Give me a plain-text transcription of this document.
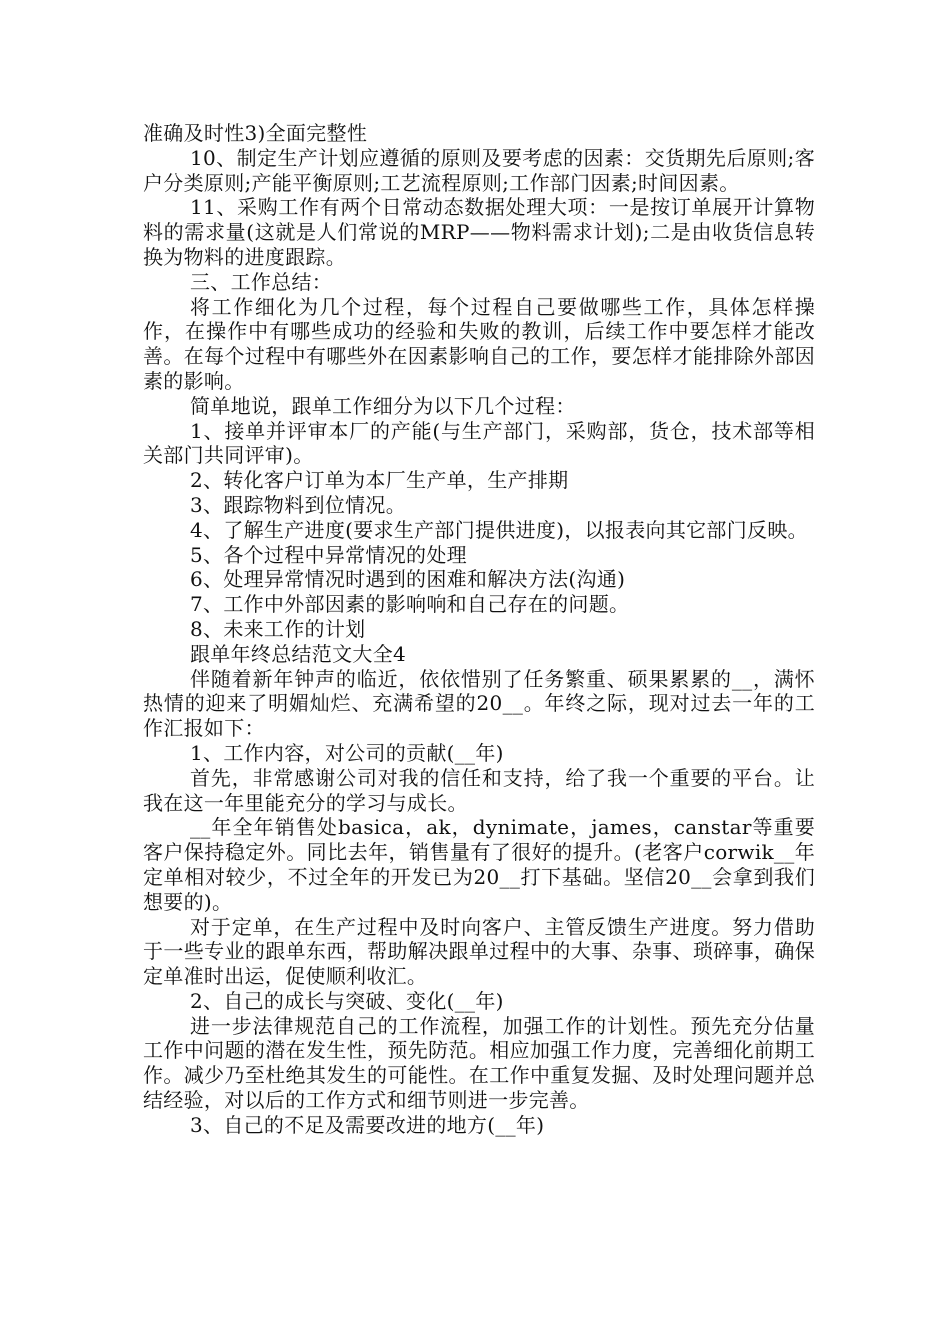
准确及时性3)全面完整性

10、制定生产计划应遵循的原则及要考虑的因素：交货期先后原则;客户分类原则;产能平衡原则;工艺流程原则;工作部门因素;时间因素。

11、采购工作有两个日常动态数据处理大项：一是按订单展开计算物料的需求量(这就是人们常说的MRP——物料需求计划);二是由收货信息转换为物料的进度跟踪。

三、工作总结：

将工作细化为几个过程，每个过程自己要做哪些工作，具体怎样操作，在操作中有哪些成功的经验和失败的教训，后续工作中要怎样才能改善。在每个过程中有哪些外在因素影响自己的工作，要怎样才能排除外部因素的影响。

简单地说，跟单工作细分为以下几个过程：

1、接单并评审本厂的产能(与生产部门，采购部，货仓，技术部等相关部门共同评审)。

2、转化客户订单为本厂生产单，生产排期

3、跟踪物料到位情况。

4、了解生产进度(要求生产部门提供进度)，以报表向其它部门反映。

5、各个过程中异常情况的处理

6、处理异常情况时遇到的困难和解决方法(沟通)

7、工作中外部因素的影响响和自己存在的问题。

8、未来工作的计划

跟单年终总结范文大全4

伴随着新年钟声的临近，依依惜别了任务繁重、硕果累累的__，满怀热情的迎来了明媚灿烂、充满希望的20__。年终之际，现对过去一年的工作汇报如下：

1、工作内容，对公司的贡献(__年)

首先，非常感谢公司对我的信任和支持，给了我一个重要的平台。让我在这一年里能充分的学习与成长。

__年全年销售处basica，ak，dynimate，james，canstar等重要客户保持稳定外。同比去年，销售量有了很好的提升。(老客户corwik__年定单相对较少，不过全年的开发已为20__打下基础。坚信20__会拿到我们想要的)。

对于定单，在生产过程中及时向客户、主管反馈生产进度。努力借助于一些专业的跟单东西，帮助解决跟单过程中的大事、杂事、琐碎事，确保定单准时出运，促使顺利收汇。

2、自己的成长与突破、变化(__年)

进一步法律规范自己的工作流程，加强工作的计划性。预先充分估量工作中问题的潜在发生性，预先防范。相应加强工作力度，完善细化前期工作。减少乃至杜绝其发生的可能性。在工作中重复发掘、及时处理问题并总结经验，对以后的工作方式和细节则进一步完善。

3、自己的不足及需要改进的地方(__年)
